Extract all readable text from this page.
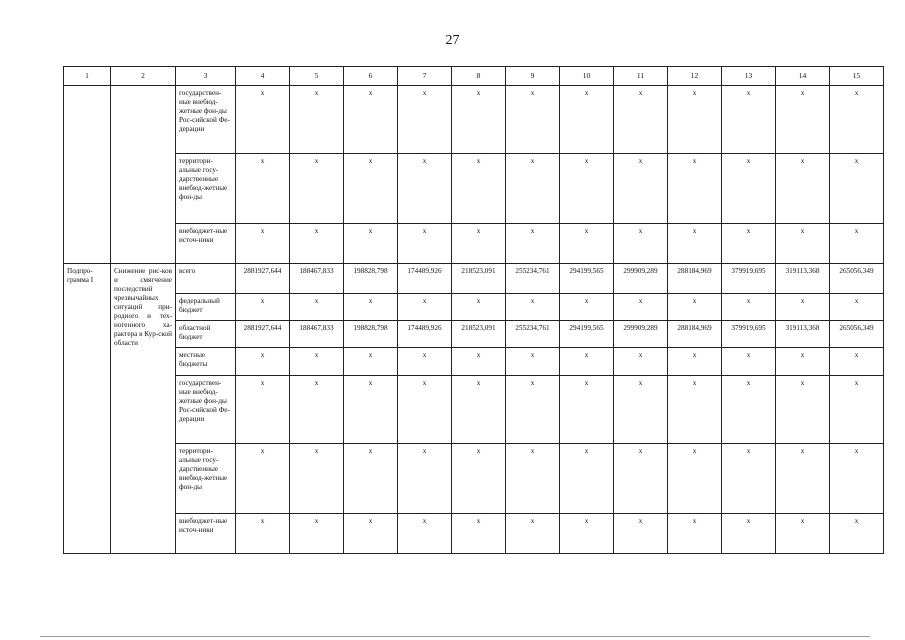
27
1	2	3	4	5	6	7	8	9	10	11	12	13	14	15
		государствен-ные внебюд-жетные фон-ды Рос-сийской Фе-дерации	x	x	x	x	x	x	x	x	x	x	x	x
		территори-альные госу-дарственные внебюд-жетные фон-ды	x	x	x	x	x	x	x	x	x	x	x	x
		внебюджет-ные источ-ники	x	x	x	x	x	x	x	x	x	x	x	x
Подпро-грамма I	Снижение рис-ков и смягчение последствий чрезвычайных ситуаций при-родного и тех-ногенного ха-рактера в Кур-ской области	всего	2881927,644	188467,833	198828,798	174489,926	218523,091	255234,761	294199,565	299909,289	288184,969	379919,695	319113,368	265056,349
		федеральный бюджет	x	x	x	x	x	x	x	x	x	x	x	x
		областной бюджет	2881927,644	188467,833	198828,798	174489,926	218523,091	255234,761	294199,565	299909,289	288184,969	379919,695	319113,368	265056,349
		местные бюджеты	x	x	x	x	x	x	x	x	x	x	x	x
		государствен-ные внебюд-жетные фон-ды Рос-сийской Фе-дерации	x	x	x	x	x	x	x	x	x	x	x	x
		территори-альные госу-дарственные внебюд-жетные фон-ды	x	x	x	x	x	x	x	x	x	x	x	x
		внебюджет-ные источ-ники	x	x	x	x	x	x	x	x	x	x	x	x
